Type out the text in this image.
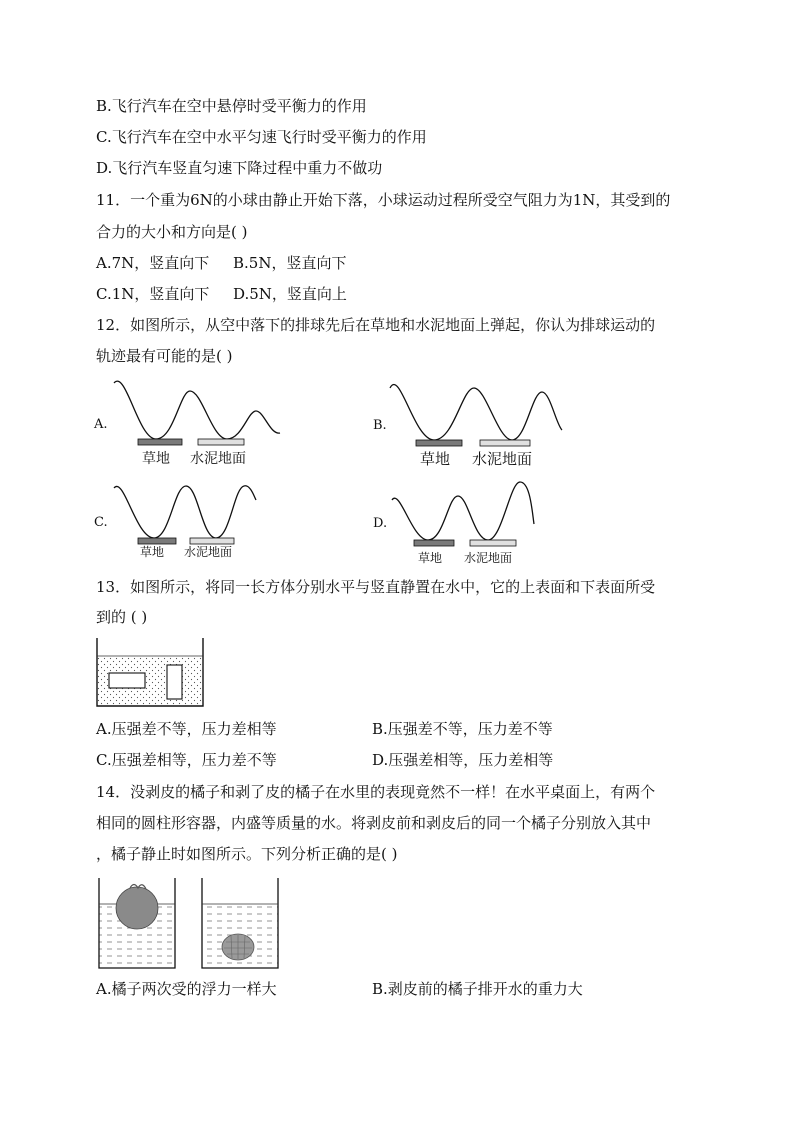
B.飞行汽车在空中悬停时受平衡力的作用
C.飞行汽车在空中水平匀速飞行时受平衡力的作用
D.飞行汽车竖直匀速下降过程中重力不做功
11．一个重为6N的小球由静止开始下落，小球运动过程所受空气阻力为1N，其受到的
合力的大小和方向是( )
A.7N，竖直向下 B.5N，竖直向下
C.1N，竖直向下 D.5N，竖直向上
12．如图所示，从空中落下的排球先后在草地和水泥地面上弹起，你认为排球运动的
轨迹最有可能的是( )
A.
草地 水泥地面
B.
草地 水泥地面
C.
草地 水泥地面
D.
草地 水泥地面
13．如图所示，将同一长方体分别水平与竖直静置在水中，它的上表面和下表面所受
到的 ( )
A.压强差不等，压力差相等	B.压强差不等，压力差不等
C.压强差相等，压力差不等	D.压强差相等，压力差相等
14．没剥皮的橘子和剥了皮的橘子在水里的表现竟然不一样！在水平桌面上，有两个
相同的圆柱形容器，内盛等质量的水。将剥皮前和剥皮后的同一个橘子分别放入其中
，橘子静止时如图所示。下列分析正确的是( )
A.橘子两次受的浮力一样大	B.剥皮前的橘子排开水的重力大
